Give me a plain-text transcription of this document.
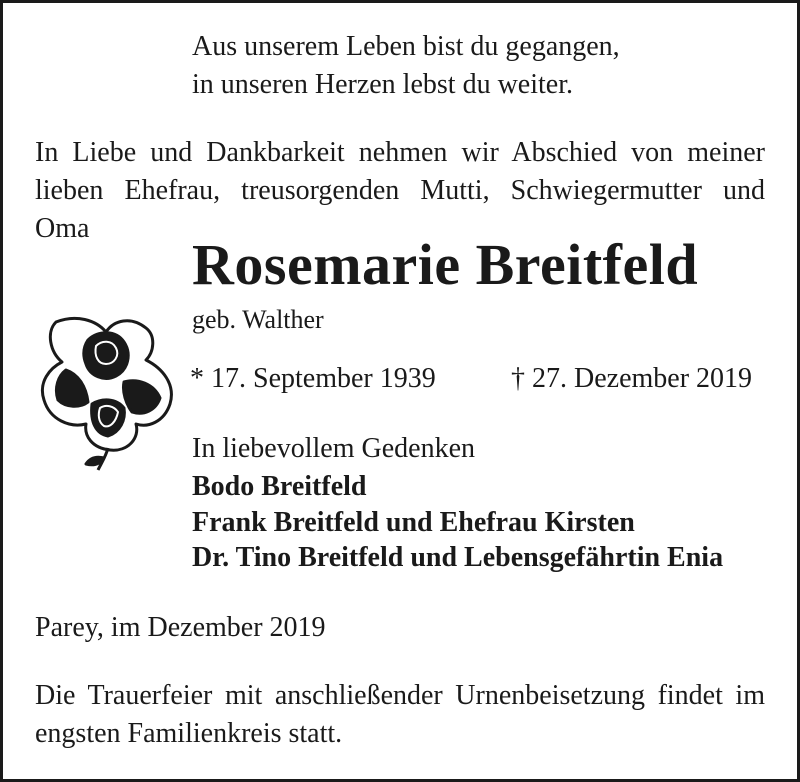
Aus unserem Leben bist du gegangen,
in unseren Herzen lebst du weiter.
In Liebe und Dankbarkeit nehmen wir Abschied von meiner
lieben Ehefrau, treusorgenden Mutti, Schwiegermutter und
Oma
Rosemarie Breitfeld
geb. Walther
* 17. September 1939	† 27. Dezember 2019
In liebevollem Gedenken
Bodo Breitfeld
Frank Breitfeld und Ehefrau Kirsten
Dr. Tino Breitfeld und Lebensgefährtin Enia
Parey, im Dezember 2019
Die Trauerfeier mit anschließender Urnenbeisetzung findet im
engsten Familienkreis statt.
